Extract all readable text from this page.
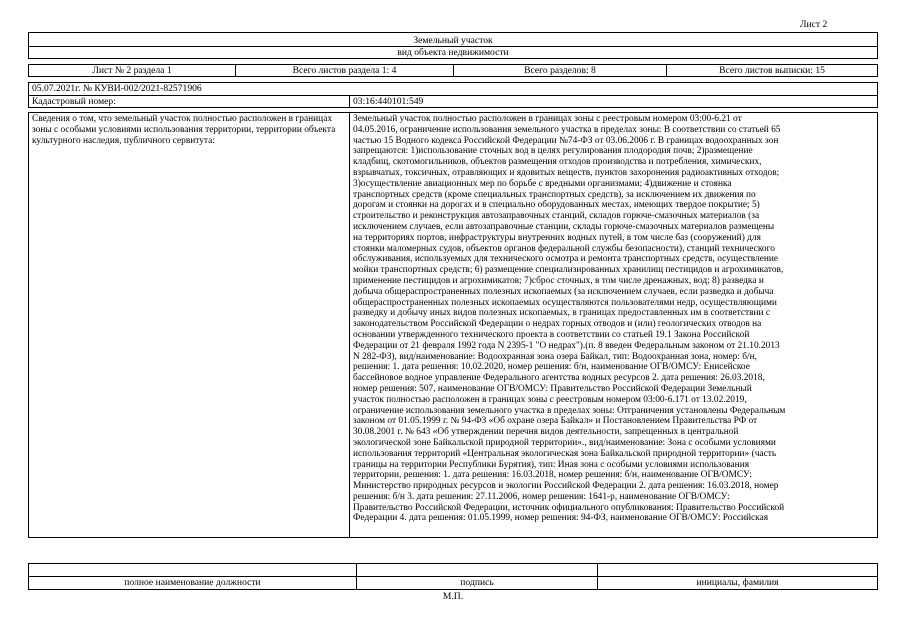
Лист 2
Земельный участок
вид объекта недвижимости
Лист № 2 раздела 1	Всего листов раздела 1: 4	Всего разделов: 8	Всего листов выписки: 15
05.07.2021г. № КУВИ-002/2021-82571906
Кадастровый номер:	03:16:440101:549
Сведения о том, что земельный участок полностью расположен в границах зоны с особыми условиями использования территории, территории объекта культурного наследия, публичного сервитута:
Земельный участок полностью расположен в границах зоны с реестровым номером 03:00-6.21 от
04.05.2016, ограничение использования земельного участка в пределах зоны: В соответствии со статьей 65
частью 15 Водного кодекса Российской Федерации №74-ФЗ от 03.06.2006 г. В границах водоохранных зон
запрещаются: 1)использование сточных вод в целях регулирования плодородия почв; 2)размещение
кладбищ, скотомогильников, объектов размещения отходов производства и потребления, химических,
взрывчатых, токсичных, отравляющих и ядовитых веществ, пунктов захоронения радиоактивных отходов;
3)осуществление авиационных мер по борьбе с вредными организмами; 4)движение и стоянка
транспортных средств (кроме специальных транспортных средств), за исключением их движения по
дорогам и стоянки на дорогах и в специально оборудованных местах, имеющих твердое покрытие; 5)
строительство и реконструкция автозаправочных станций, складов горюче-смазочных материалов (за
исключением случаев, если автозаправочные станции, склады горюче-смазочных материалов размещены
на территориях портов, инфраструктуры внутренних водных путей, в том числе баз (сооружений) для
стоянки маломерных судов, объектов органов федеральной службы безопасности), станций технического
обслуживания, используемых для технического осмотра и ремонта транспортных средств, осуществление
мойки транспортных средств; 6) размещение специализированных хранилищ пестицидов и агрохимикатов,
применение пестицидов и агрохимикатов; 7)сброс сточных, в том числе дренажных, вод; 8) разведка и
добыча общераспространенных полезных ископаемых (за исключением случаев, если разведка и добыча
общераспространенных полезных ископаемых осуществляются пользователями недр, осуществляющими
разведку и добычу иных видов полезных ископаемых, в границах предоставленных им в соответствии с
законодательством Российской Федерации о недрах горных отводов и (или) геологических отводов на
основании утвержденного технического проекта в соответствии со статьей 19.1 Закона Российской
Федерации от 21 февраля 1992 года N 2395-1 "О недрах").(п. 8 введен Федеральным законом от 21.10.2013
N 282-ФЗ), вид/наименование: Водоохранная зона озера Байкал, тип: Водоохранная зона, номер: б/н,
решения: 1. дата решения: 10.02.2020, номер решения: б/н, наименование ОГВ/ОМСУ: Енисейское
бассейновое водное управление Федерального агентства водных ресурсов 2. дата решения: 26.03.2018,
номер решения: 507, наименование ОГВ/ОМСУ: Правительство Российской Федерации Земельный
участок полностью расположен в границах зоны с реестровым номером 03:00-6.171 от 13.02.2019,
ограничение использования земельного участка в пределах зоны: Отграничения установлены Федеральным
законом от 01.05.1999 г. № 94-ФЗ «Об охране озера Байкал» и Постановлением Правительства РФ от
30.08.2001 г. № 643 «Об утверждении перечня видов деятельности, запрещенных в центральной
экологической зоне Байкальской природной территории»., вид/наименование: Зона с особыми условиями
использования территорий «Центральная экологическая зона Байкальской природной территории» (часть
границы на территории Республики Бурятия), тип: Иная зона с особыми условиями использования
территории, решения: 1. дата решения: 16.03.2018, номер решения: б/н, наименование ОГВ/ОМСУ:
Министерство природных ресурсов и экологии Российской Федерации 2. дата решения: 16.03.2018, номер
решения: б/н 3. дата решения: 27.11.2006, номер решения: 1641-р, наименование ОГВ/ОМСУ:
Правительство Российской Федерации, источник официального опубликования: Правительство Российской
Федерации 4. дата решения: 01.05.1999, номер решения: 94-ФЗ, наименование ОГВ/ОМСУ: Российская
полное наименование должности	подпись	инициалы, фамилия
М.П.
